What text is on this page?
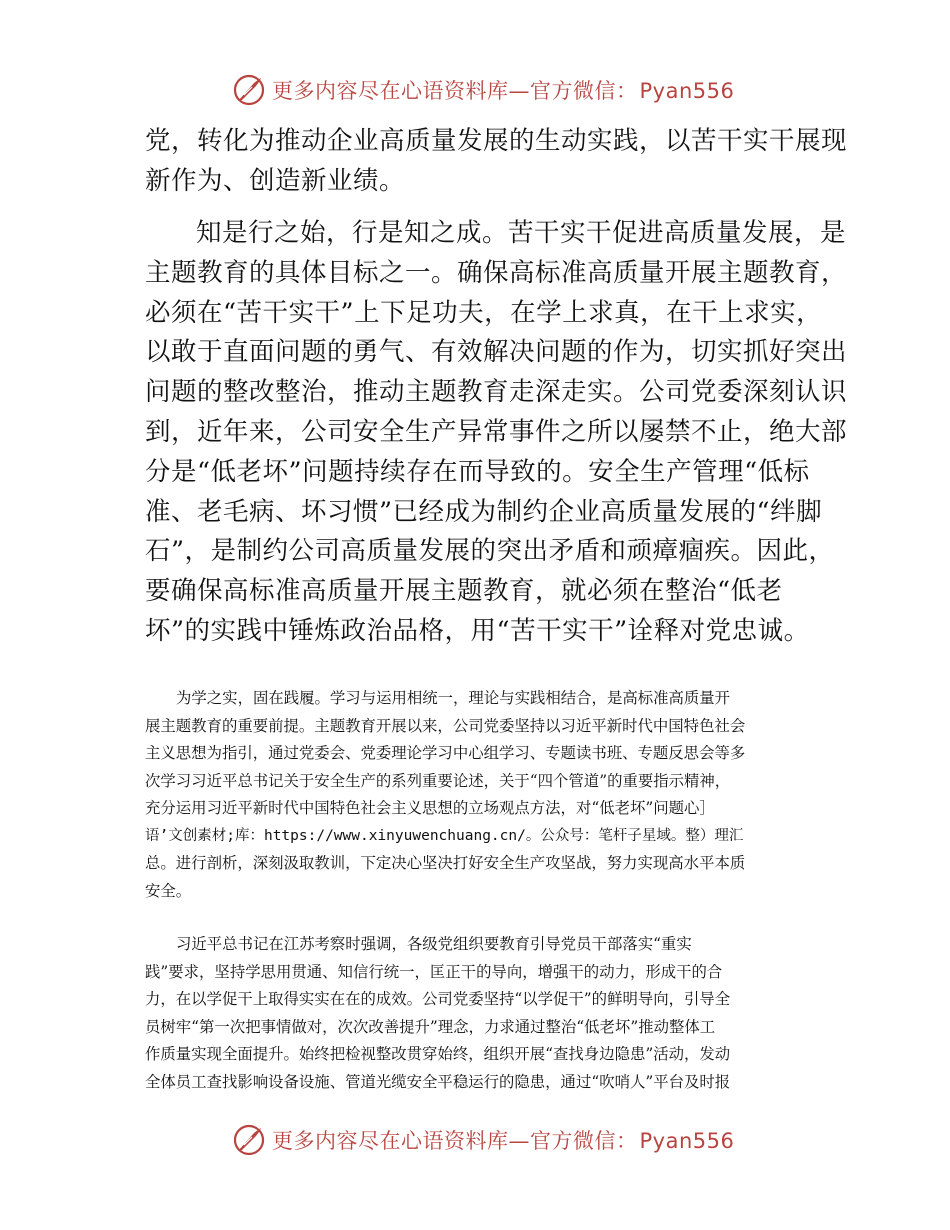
更多内容尽在心语资料库—官方微信：Pyan556

党，转化为推动企业高质量发展的生动实践，以苦干实干展现
新作为、创造新业绩。

知是行之始，行是知之成。苦干实干促进高质量发展，是
主题教育的具体目标之一。确保高标准高质量开展主题教育，
必须在“苦干实干”上下足功夫，在学上求真，在干上求实，
以敢于直面问题的勇气、有效解决问题的作为，切实抓好突出
问题的整改整治，推动主题教育走深走实。公司党委深刻认识
到，近年来，公司安全生产异常事件之所以屡禁不止，绝大部
分是“低老坏”问题持续存在而导致的。安全生产管理“低标
准、老毛病、坏习惯”已经成为制约企业高质量发展的“绊脚
石”，是制约公司高质量发展的突出矛盾和顽瘴痼疾。因此，
要确保高标准高质量开展主题教育，就必须在整治“低老
坏”的实践中锤炼政治品格，用“苦干实干”诠释对党忠诚。

为学之实，固在践履。学习与运用相统一，理论与实践相结合，是高标准高质量开
展主题教育的重要前提。主题教育开展以来，公司党委坚持以习近平新时代中国特色社会
主义思想为指引，通过党委会、党委理论学习中心组学习、专题读书班、专题反思会等多
次学习习近平总书记关于安全生产的系列重要论述，关于“四个管道”的重要指示精神，
充分运用习近平新时代中国特色社会主义思想的立场观点方法，对“低老坏”问题心］
语’文创素材;库：https://www.xinyuwenchuang.cn/。公众号：笔杆子星域。整）理汇
总。进行剖析，深刻汲取教训，下定决心坚决打好安全生产攻坚战，努力实现高水平本质
安全。

习近平总书记在江苏考察时强调，各级党组织要教育引导党员干部落实“重实
践”要求，坚持学思用贯通、知信行统一，匡正干的导向，增强干的动力，形成干的合
力，在以学促干上取得实实在在的成效。公司党委坚持“以学促干”的鲜明导向，引导全
员树牢“第一次把事情做对，次次改善提升”理念，力求通过整治“低老坏”推动整体工
作质量实现全面提升。始终把检视整改贯穿始终，组织开展“查找身边隐患”活动，发动
全体员工查找影响设备设施、管道光缆安全平稳运行的隐患，通过“吹哨人”平台及时报

更多内容尽在心语资料库—官方微信：Pyan556
